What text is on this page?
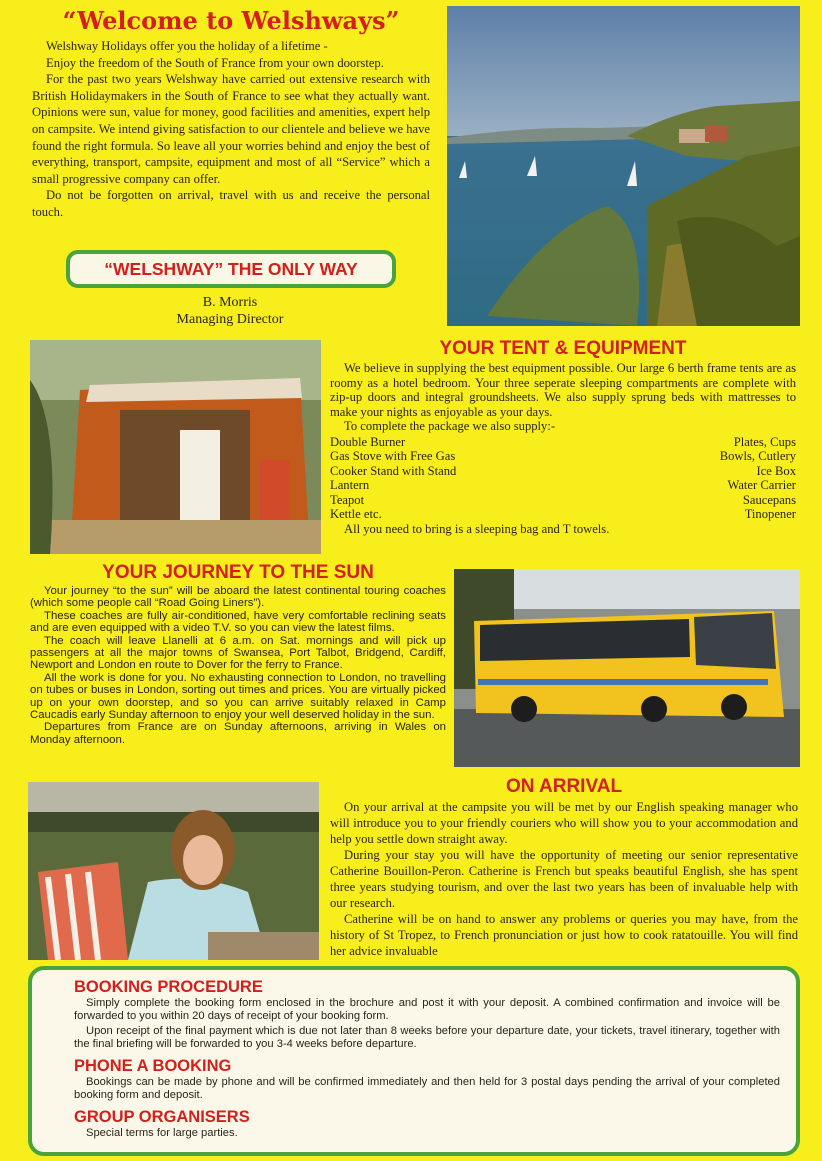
“Welcome to Welshways”

Welshway Holidays offer you the holiday of a lifetime -

Enjoy the freedom of the South of France from your own doorstep.

For the past two years Welshway have carried out extensive research with British Holidaymakers in the South of France to see what they actually want. Opinions were sun, value for money, good facilities and amenities, expert help on campsite. We intend giving satisfaction to our clientele and believe we have found the right formula. So leave all your worries behind and enjoy the best of everything, transport, campsite, equipment and most of all “Service” which a small progressive company can offer.

Do not be forgotten on arrival, travel with us and receive the personal touch.

“WELSHWAY” THE ONLY WAY
B. Morris
Managing Director
YOUR TENT & EQUIPMENT

We believe in supplying the best equipment possible. Our large 6 berth frame tents are as roomy as a hotel bedroom. Your three seperate sleeping compartments are complete with zip-up doors and integral groundsheets. We also supply sprung beds with mattresses to make your nights as enjoyable as your days.

To complete the package we also supply:-

Double Burner
Gas Stove with Free Gas
Cooker Stand with Stand
Lantern
Teapot
Kettle etc.
Plates, Cups
Bowls, Cutlery
Ice Box
Water Carrier
Saucepans
Tinopener

All you need to bring is a sleeping bag and T towels.

YOUR JOURNEY TO THE SUN

Your journey “to the sun” will be aboard the latest continental touring coaches (which some people call “Road Going Liners”).

These coaches are fully air-conditioned, have very comfortable reclining seats and are even equipped with a video T.V. so you can view the latest films.

The coach will leave Llanelli at 6 a.m. on Sat. mornings and will pick up passengers at all the major towns of Swansea, Port Talbot, Bridgend, Cardiff, Newport and London en route to Dover for the ferry to France.

All the work is done for you. No exhausting connection to London, no travelling on tubes or buses in London, sorting out times and prices. You are virtually picked up on your own doorstep, and so you can arrive suitably relaxed in Camp Caucadis early Sunday afternoon to enjoy your well deserved holiday in the sun.

Departures from France are on Sunday afternoons, arriving in Wales on Monday afternoon.

ON ARRIVAL

On your arrival at the campsite you will be met by our English speaking manager who will introduce you to your friendly couriers who will show you to your accommodation and help you settle down straight away.

During your stay you will have the opportunity of meeting our senior representative Catherine Bouillon-Peron. Catherine is French but speaks beautiful English, she has spent three years studying tourism, and over the last two years has been of invaluable help with our research.

Catherine will be on hand to answer any problems or queries you may have, from the history of St Tropez, to French pronunciation or just how to cook ratatouille. You will find her advice invaluable

BOOKING PROCEDURE

Simply complete the booking form enclosed in the brochure and post it with your deposit. A combined confirmation and invoice will be forwarded to you within 20 days of receipt of your booking form.

Upon receipt of the final payment which is due not later than 8 weeks before your departure date, your tickets, travel itinerary, together with the final briefing will be forwarded to you 3-4 weeks before departure.

PHONE A BOOKING

Bookings can be made by phone and will be confirmed immediately and then held for 3 postal days pending the arrival of your completed booking form and deposit.

GROUP ORGANISERS

Special terms for large parties.
